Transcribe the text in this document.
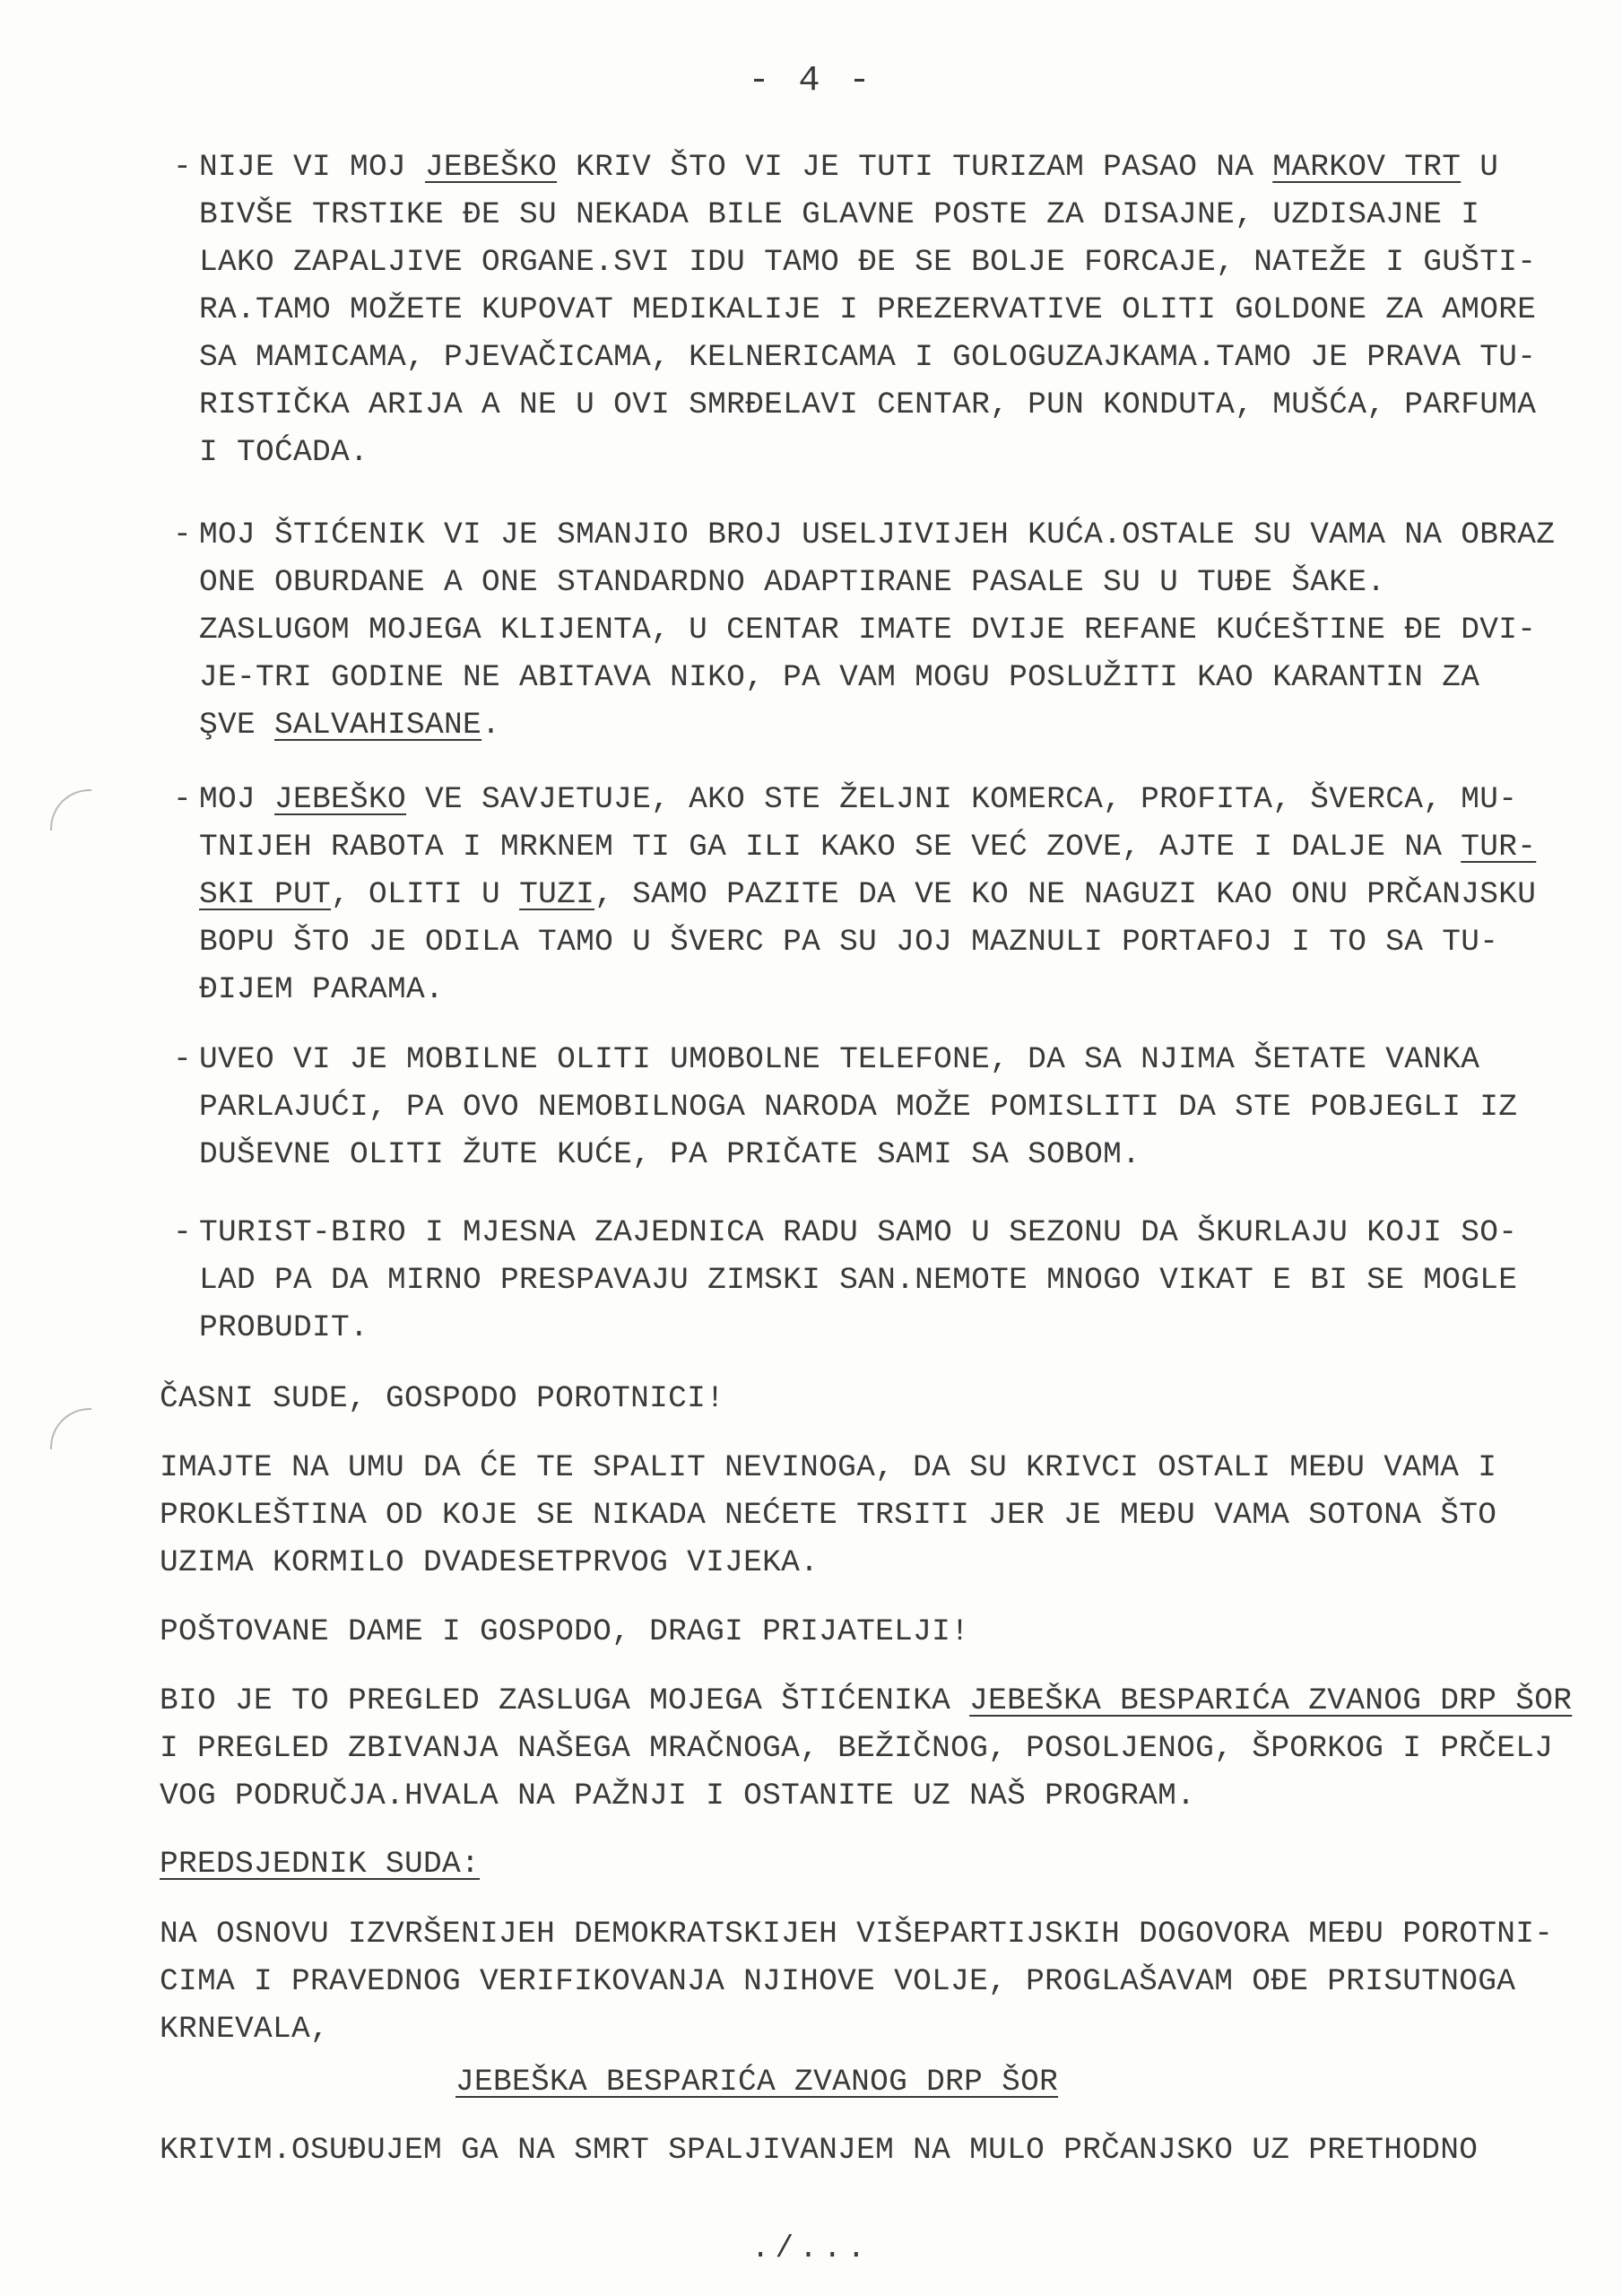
- 4 -
- NIJE VI MOJ JEBEŠKO KRIV ŠTO VI JE TUTI TURIZAM PASAO NA MARKOV TRT U
BIVŠE TRSTIKE ĐE SU NEKADA BILE GLAVNE POSTE ZA DISAJNE, UZDISAJNE I
LAKO ZAPALJIVE ORGANE.SVI IDU TAMO ĐE SE BOLJE FORCAJE, NATEŽE I GUŠTI-
RA.TAMO MOŽETE KUPOVAT MEDIKALIJE I PREZERVATIVE OLITI GOLDONE ZA AMORE
SA MAMICAMA, PJEVAČICAMA, KELNERICAMA I GOLOGUZAJKAMA.TAMO JE PRAVA TU-
RISTIČKA ARIJA A NE U OVI SMRĐELAVI CENTAR, PUN KONDUTA, MUŠĆA, PARFUMA
I TOĆADA.
- MOJ ŠTIĆENIK VI JE SMANJIO BROJ USELJIVIJEH KUĆA.OSTALE SU VAMA NA OBRAZ
ONE OBURDANE A ONE STANDARDNO ADAPTIRANE PASALE SU U TUĐE ŠAKE.
ZASLUGOM MOJEGA KLIJENTA, U CENTAR IMATE DVIJE REFANE KUĆEŠTINE ĐE DVI-
JE-TRI GODINE NE ABITAVA NIKO, PA VAM MOGU POSLUŽITI KAO KARANTIN ZA
ŞVE SALVAHISANE.
- MOJ JEBEŠKO VE SAVJETUJE, AKO STE ŽELJNI KOMERCA, PROFITA, ŠVERCA, MU-
TNIJEH RABOTA I MRKNEM TI GA ILI KAKO SE VEĆ ZOVE, AJTE I DALJE NA TUR-
SKI PUT, OLITI U TUZI, SAMO PAZITE DA VE KO NE NAGUZI KAO ONU PRČANJSKU
BOPU ŠTO JE ODILA TAMO U ŠVERC PA SU JOJ MAZNULI PORTAFOJ I TO SA TU-
ĐIJEM PARAMA.
- UVEO VI JE MOBILNE OLITI UMOBOLNE TELEFONE, DA SA NJIMA ŠETATE VANKA
PARLAJUĆI, PA OVO NEMOBILNOGA NARODA MOŽE POMISLITI DA STE POBJEGLI IZ
DUŠEVNE OLITI ŽUTE KUĆE, PA PRIČATE SAMI SA SOBOM.
- TURIST-BIRO I MJESNA ZAJEDNICA RADU SAMO U SEZONU DA ŠKURLAJU KOJI SO-
LAD PA DA MIRNO PRESPAVAJU ZIMSKI SAN.NEMOTE MNOGO VIKAT E BI SE MOGLE
PROBUDIT.
ČASNI SUDE, GOSPODO POROTNICI!
IMAJTE NA UMU DA ĆE TE SPALIT NEVINOGA, DA SU KRIVCI OSTALI MEĐU VAMA I
PROKLEŠTINA OD KOJE SE NIKADA NEĆETE TRSITI JER JE MEĐU VAMA SOTONA ŠTO
UZIMA KORMILO DVADESETPRVOG VIJEKA.
POŠTOVANE DAME I GOSPODO, DRAGI PRIJATELJI!
BIO JE TO PREGLED ZASLUGA MOJEGA ŠTIĆENIKA JEBEŠKA BESPARIĆA ZVANOG DRP ŠOR
I PREGLED ZBIVANJA NAŠEGA MRAČNOGA, BEŽIČNOG, POSOLJENOG, ŠPORKOG I PRČELJ
VOG PODRUČJA.HVALA NA PAŽNJI I OSTANITE UZ NAŠ PROGRAM.
PREDSJEDNIK SUDA:
NA OSNOVU IZVRŠENIJEH DEMOKRATSKIJEH VIŠEPARTIJSKIH DOGOVORA MEĐU POROTNI-
CIMA I PRAVEDNOG VERIFIKOVANJA NJIHOVE VOLJE, PROGLAŠAVAM OĐE PRISUTNOGA
KRNEVALA,
JEBEŠKA BESPARIĆA ZVANOG DRP ŠOR
KRIVIM.OSUĐUJEM GA NA SMRT SPALJIVANJEM NA MULO PRČANJSKO UZ PRETHODNO
./...
